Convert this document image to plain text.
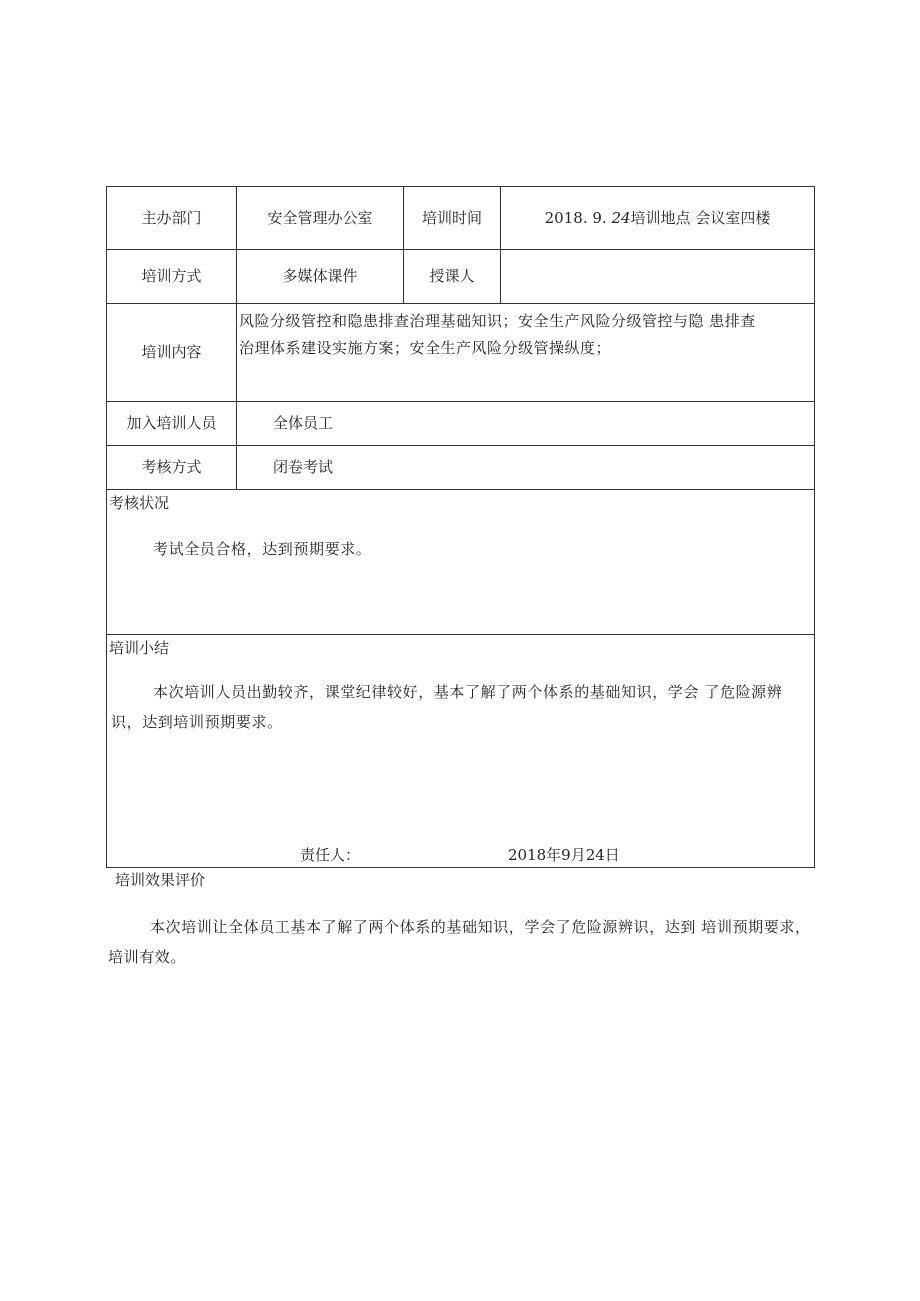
主办部门	安全管理办公室	培训时间	2018. 9. 24培训地点 会议室四楼
培训方式	多媒体课件	授课人	
培训内容	风险分级管控和隐患排查治理基础知识；安全生产风险分级管控与隐 患排查
治理体系建设实施方案；安全生产风险分级管操纵度；		

加入培训人员	全体员工		
考核方式	闭卷考试		

考核状况
考试全员合格，达到预期要求。			

培训小结
本次培训人员出勤较齐，课堂纪律较好，基本了解了两个体系的基础知识，学会 了危险源辨识，达到培训预期要求。
责任人： 2018年9月24日			
培训效果评价
本次培训让全体员工基本了解了两个体系的基础知识，学会了危险源辨识，达到 培训预期要求，培训有效。
